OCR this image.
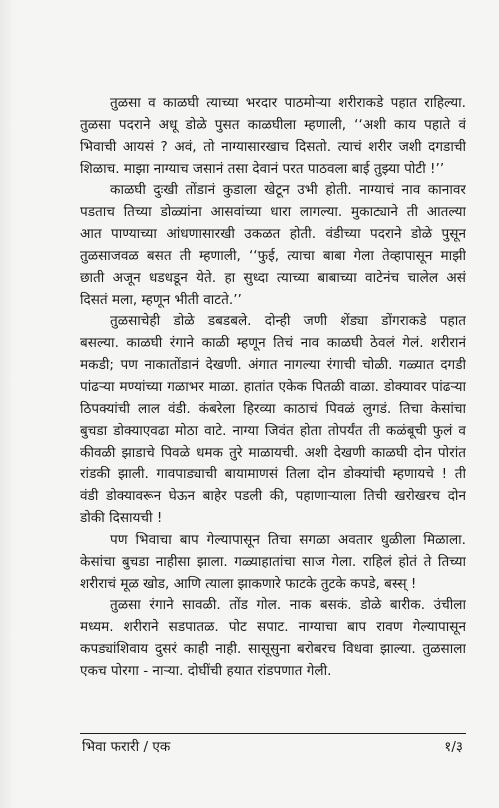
तुळसा व काळघी त्याच्या भरदार पाठमोऱ्या शरीराकडे पहात राहिल्या.
तुळसा पदराने अधू डोळे पुसत काळघीला म्हणाली, ‘‘अशी काय पहाते वं
भिवाची आयसं ? अवं, तो नाग्यासारखाच दिसतो. त्याचं शरीर जशी दगडाची
शिळाच. माझा नाग्याच जसानं तसा देवानं परत पाठवला बाई तुझ्या पोटी !’’
काळघी दुःखी तोंडानं कुडाला खेटून उभी होती. नाग्याचं नाव कानावर
पडताच तिच्या डोळ्यांना आसवांच्या धारा लागल्या. मुकाट्याने ती आतल्या
आत पाण्याच्या आंधणासारखी उकळत होती. वंडीच्या पदराने डोळे पुसून
तुळसाजवळ बसत ती म्हणाली, ‘‘फुई, त्याचा बाबा गेला तेव्हापासून माझी
छाती अजून धडधडून येते. हा सुध्दा त्याच्या बाबाच्या वाटेनंच चालेल असं
दिसतं मला, म्हणून भीती वाटते.’’
तुळसाचेही डोळे डबडबले. दोन्ही जणी शेंड्या डोंगराकडे पहात
बसल्या. काळघी रंगाने काळी म्हणून तिचं नाव काळघी ठेवलं गेलं. शरीरानं
मकडी; पण नाकातोंडानं देखणी. अंगात नागल्या रंगाची चोळी. गळ्यात दगडी
पांढऱ्या मण्यांच्या गळाभर माळा. हातांत एकेक पितळी वाळा. डोक्यावर पांढऱ्या
ठिपक्यांची लाल वंडी. कंबरेला हिरव्या काठाचं पिवळं लुगडं. तिचा केसांचा
बुचडा डोक्याएवढा मोठा वाटे. नाग्या जिवंत होता तोपर्यंत ती कळंबूची फुलं व
कीवळी झाडाचे पिवळे धमक तुरे माळायची. अशी देखणी काळघी दोन पोरांत
रांडकी झाली. गावपाड्याची बायामाणसं तिला दोन डोक्यांची म्हणायचे ! ती
वंडी डोक्यावरून घेऊन बाहेर पडली की, पहाणाऱ्याला तिची खरोखरच दोन
डोकी दिसायची !
पण भिवाचा बाप गेल्यापासून तिचा सगळा अवतार धुळीला मिळाला.
केसांचा बुचडा नाहीसा झाला. गळ्याहातांचा साज गेला. राहिलं होतं ते तिच्या
शरीराचं मूळ खोड, आणि त्याला झाकणारे फाटके तुटके कपडे, बस्स् !
तुळसा रंगाने सावळी. तोंड गोल. नाक बसकं. डोळे बारीक. उंचीला
मध्यम. शरीराने सडपातळ. पोट सपाट. नाग्याचा बाप रावण गेल्यापासून
कपड्यांशिवाय दुसरं काही नाही. सासूसुना बरोबरच विधवा झाल्या. तुळसाला
एकच पोरगा - नाऱ्या. दोघींची हयात रांडपणात गेली.
भिवा फरारी / एक	१/३
